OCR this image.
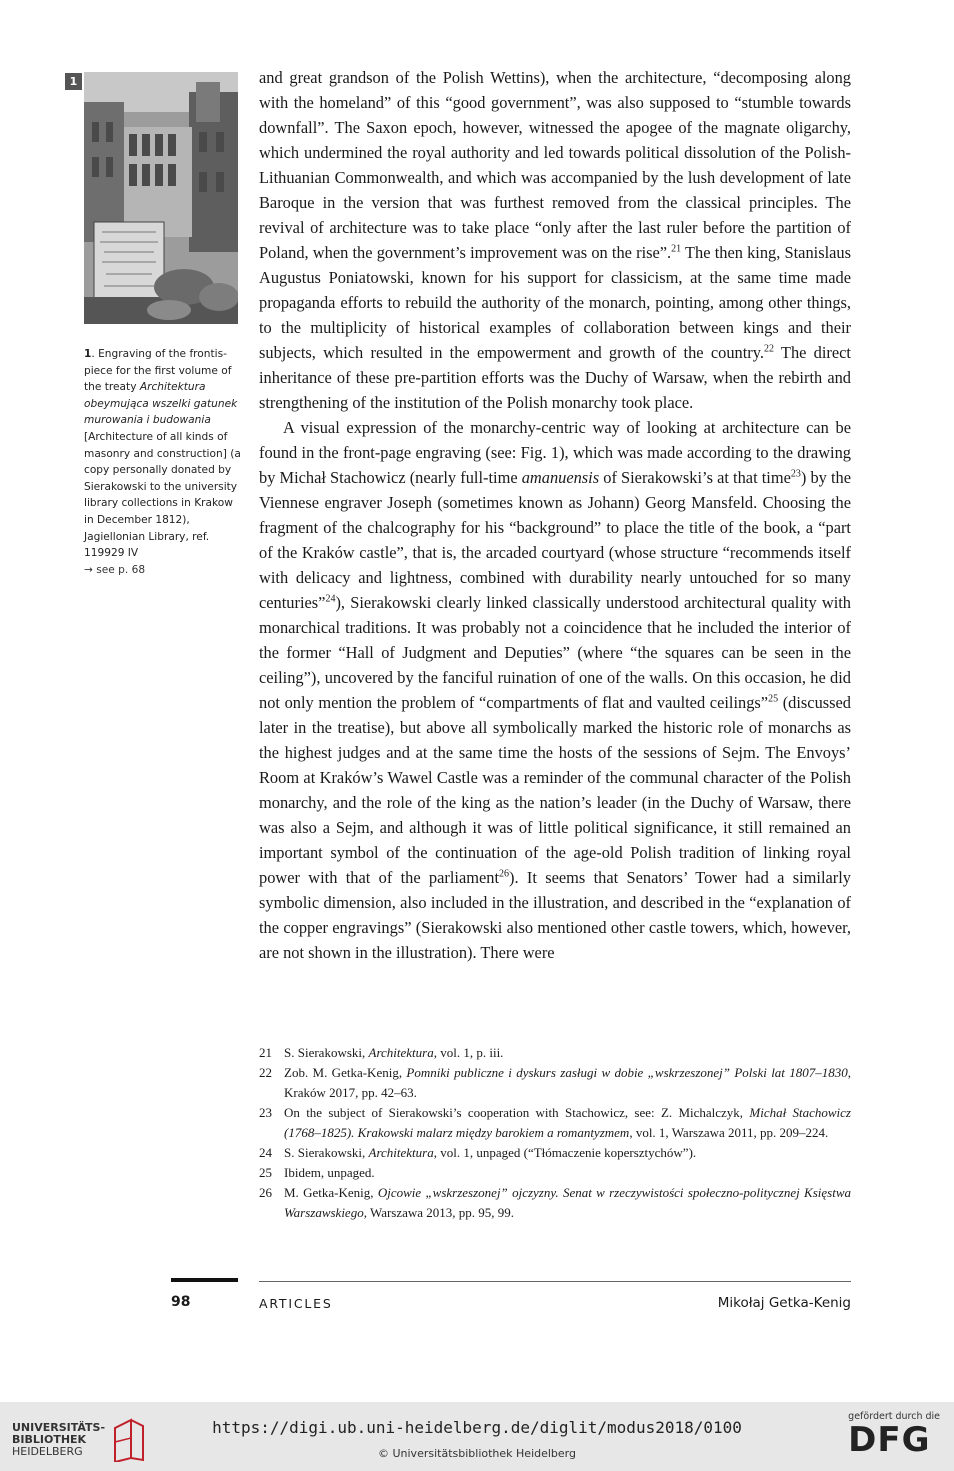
1

1. Engraving of the frontis-piece for the first volume of the treaty Architektura obeymująca wszelki gatunek murowania i budowania [Architecture of all kinds of masonry and construction] (a copy personally donated by Sierakowski to the university library collections in Krakow in December 1812), Jagiellonian Library, ref. 119929 IV

→ see p. 68

and great grandson of the Polish Wettins), when the architecture, “decomposing along with the homeland” of this “good government”, was also supposed to “stumble towards downfall”. The Saxon epoch, however, witnessed the apogee of the magnate oligarchy, which undermined the royal authority and led towards political dissolution of the Polish-Lithuanian Commonwealth, and which was accompanied by the lush development of late Baroque in the version that was furthest removed from the classical principles. The revival of architecture was to take place “only after the last ruler before the partition of Poland, when the government’s improvement was on the rise”.$^{21}$ The then king, Stanislaus Augustus Poniatowski, known for his support for classicism, at the same time made propaganda efforts to rebuild the authority of the monarch, pointing, among other things, to the multiplicity of historical examples of collaboration between kings and their subjects, which resulted in the empowerment and growth of the country.$^{22}$ The direct inheritance of these pre-partition efforts was the Duchy of Warsaw, when the rebirth and strengthening of the institution of the Polish monarchy took place.

A visual expression of the monarchy-centric way of looking at architecture can be found in the front-page engraving (see: Fig. 1), which was made according to the drawing by Michał Stachowicz (nearly full-time amanuensis of Sierakowski’s at that time$^{23}$) by the Viennese engraver Joseph (sometimes known as Johann) Georg Mansfeld. Choosing the fragment of the chalcography for his “background” to place the title of the book, a “part of the Kraków castle”, that is, the arcaded courtyard (whose structure “recommends itself with delicacy and lightness, combined with durability nearly untouched for so many centuries”$^{24}$), Sierakowski clearly linked classically understood architectural quality with monarchical traditions. It was probably not a coincidence that he included the interior of the former “Hall of Judgment and Deputies” (where “the squares can be seen in the ceiling”), uncovered by the fanciful ruination of one of the walls. On this occasion, he did not only mention the problem of “compartments of flat and vaulted ceilings”$^{25}$ (discussed later in the treatise), but above all symbolically marked the historic role of monarchs as the highest judges and at the same time the hosts of the sessions of Sejm. The Envoys’ Room at Kraków’s Wawel Castle was a reminder of the communal character of the Polish monarchy, and the role of the king as the nation’s leader (in the Duchy of Warsaw, there was also a Sejm, and although it was of little political significance, it still remained an important symbol of the continuation of the age-old Polish tradition of linking royal power with that of the parliament$^{26}$). It seems that Senators’ Tower had a similarly symbolic dimension, also included in the illustration, and described in the “explanation of the copper engravings” (Sierakowski also mentioned other castle towers, which, however, are not shown in the illustration). There were

21 S. Sierakowski, Architektura, vol. 1, p. iii.
22 Zob. M. Getka-Kenig, Pomniki publiczne i dyskurs zasługi w dobie „wskrzeszonej” Polski lat 1807–1830, Kraków 2017, pp. 42–63.
23 On the subject of Sierakowski’s cooperation with Stachowicz, see: Z. Michalczyk, Michał Stachowicz (1768–1825). Krakowski malarz między barokiem a romantyzmem, vol. 1, Warszawa 2011, pp. 209–224.
24 S. Sierakowski, Architektura, vol. 1, unpaged (“Tłómaczenie kopersztychów”).
25 Ibidem, unpaged.
26 M. Getka-Kenig, Ojcowie „wskrzeszonej” ojczyzny. Senat w rzeczywistości społeczno-politycznej Księstwa Warszawskiego, Warszawa 2013, pp. 95, 99.
98	ARTICLES	Mikołaj Getka-Kenig
UNIVERSITÄTS-
BIBLIOTHEK
HEIDELBERG
https://digi.ub.uni-heidelberg.de/diglit/modus2018/0100
© Universitätsbibliothek Heidelberg
gefördert durch die
DFG
